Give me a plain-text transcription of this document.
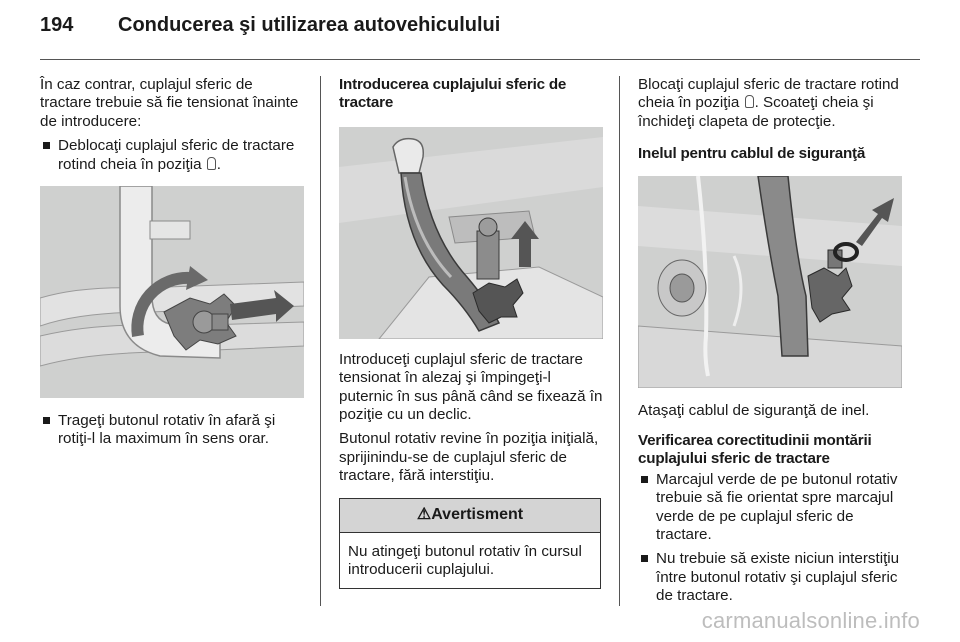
194	Conducerea şi utilizarea autovehiculului

În caz contrar, cuplajul sferic de tractare trebuie să fie tensionat înainte de introducere:

Deblocaţi cuplajul sferic de tractare rotind cheia în poziţia .
Trageţi butonul rotativ în afară şi rotiţi-l la maximum în sens orar.
Introducerea cuplajului sferic de tractare

Introduceţi cuplajul sferic de tractare tensionat în alezaj şi împingeţi-l puternic în sus până când se fixează în poziţie cu un declic.

Butonul rotativ revine în poziţia iniţială, sprijinindu-se de cuplajul sferic de tractare, fără interstiţiu.

⚠Avertisment
Nu atingeţi butonul rotativ în cursul introducerii cuplajului.

Blocaţi cuplajul sferic de tractare rotind cheia în poziţia . Scoateţi cheia şi închideţi clapeta de protecţie.

Inelul pentru cablul de siguranţă

Ataşaţi cablul de siguranţă de inel.

Verificarea corectitudinii montării cuplajului sferic de tractare
Marcajul verde de pe butonul rotativ trebuie să fie orientat spre marcajul verde de pe cuplajul sferic de tractare.
Nu trebuie să existe niciun interstiţiu între butonul rotativ şi cuplajul sferic de tractare.
carmanualsonline.info
